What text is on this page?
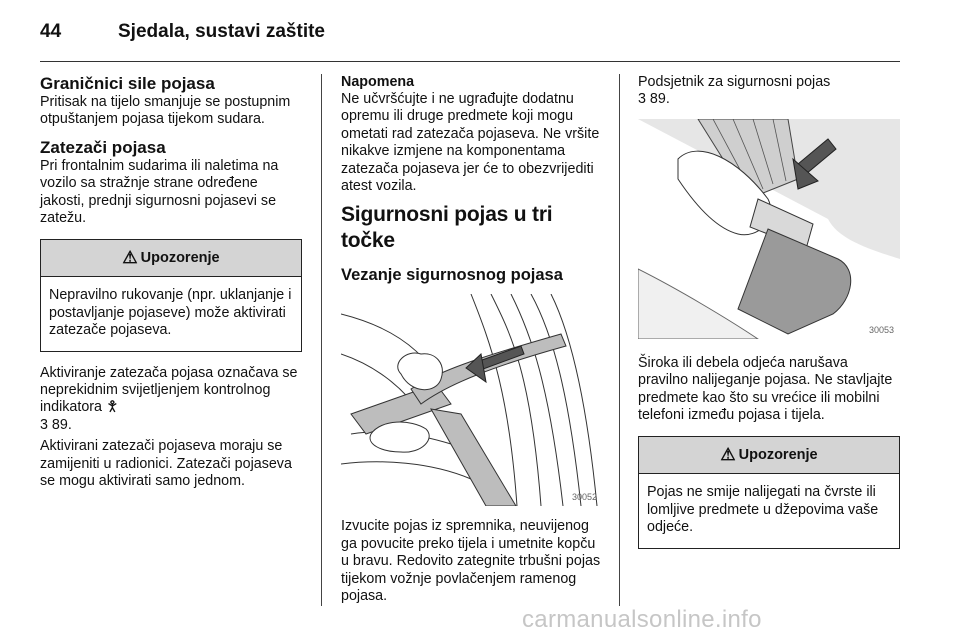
44	Sjedala, sustavi zaštite
Graničnici sile pojasa

Pritisak na tijelo smanjuje se postupnim otpuštanjem pojasa tijekom sudara.

Zatezači pojasa

Pri frontalnim sudarima ili naletima na vozilo sa stražnje strane određene jakosti, prednji sigurnosni pojasevi se zatežu.

⚠ Upozorenje
Nepravilno rukovanje (npr. uklanjanje i postavljanje pojaseve) može aktivirati zatezače pojaseva.

Aktiviranje zatezača pojasa označava se neprekidnim svijetljenjem kontrolnog indikatora 🯆
3 89.

Aktivirani zatezači pojaseva moraju se zamijeniti u radionici. Zatezači pojaseva se mogu aktivirati samo jednom.

Napomena

Ne učvršćujte i ne ugrađujte dodatnu opremu ili druge predmete koji mogu ometati rad zatezača pojaseva. Ne vršite nikakve izmjene na komponentama zatezača pojaseva jer će to obezvrijediti atest vozila.

Sigurnosni pojas u tri točke
Vezanje sigurnosnog pojasa
30052

Izvucite pojas iz spremnika, neuvijenog ga povucite preko tijela i umetnite kopču u bravu. Redovito zategnite trbušni pojas tijekom vožnje povlačenjem ramenog pojasa.

Podsjetnik za sigurnosni pojas
3 89.

30053

Široka ili debela odjeća narušava pravilno nalijeganje pojasa. Ne stavljajte predmete kao što su vrećice ili mobilni telefoni između pojasa i tijela.

⚠ Upozorenje
Pojas ne smije nalijegati na čvrste ili lomljive predmete u džepovima vaše odjeće.
carmanualsonline.info
